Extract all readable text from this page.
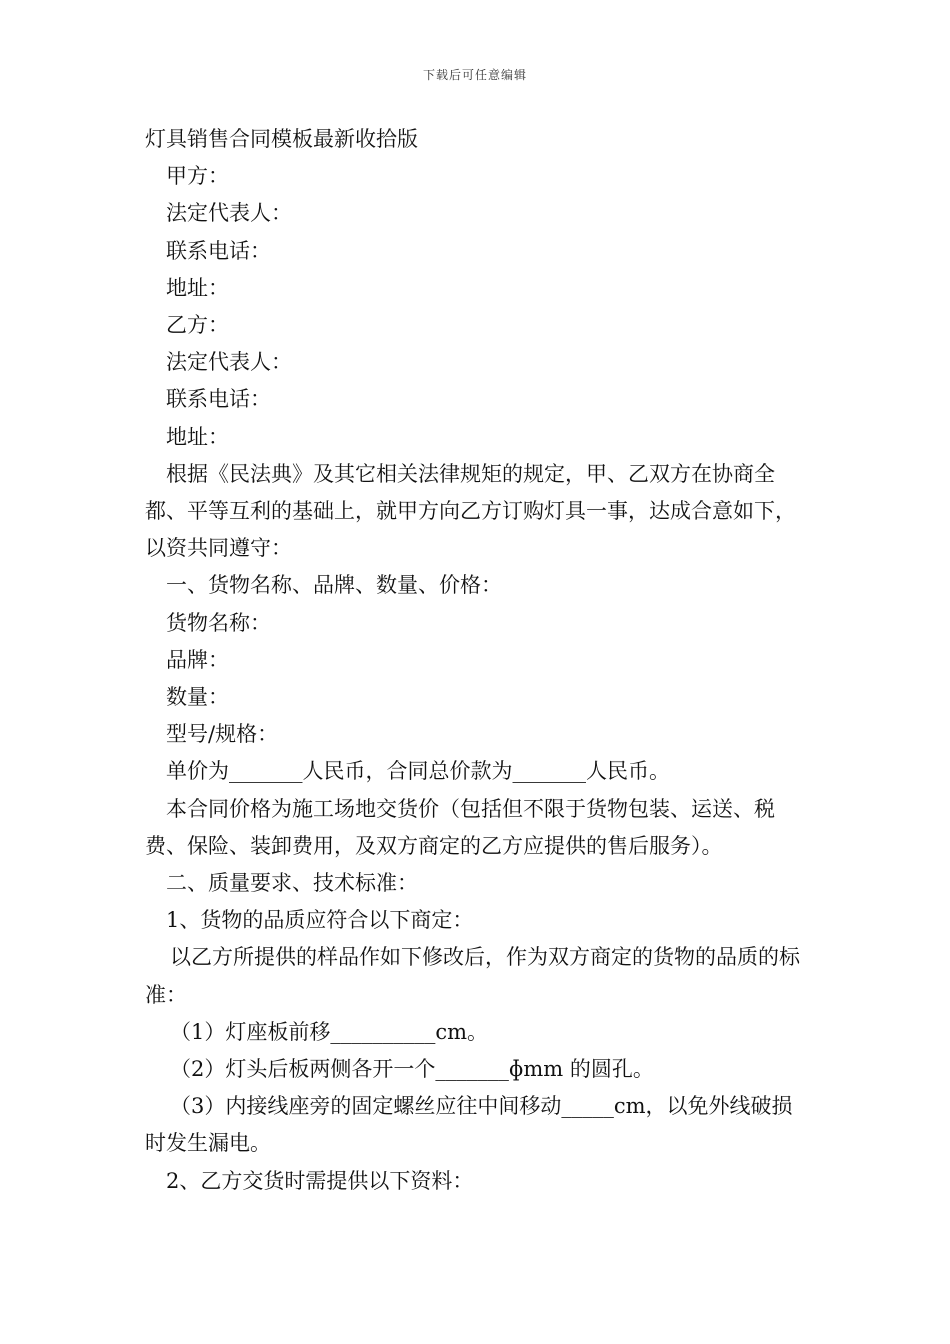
下载后可任意编辑

灯具销售合同模板最新收拾版

甲方：

法定代表人：

联系电话：

地址：

乙方：

法定代表人：

联系电话：

地址：

根据《民法典》及其它相关法律规矩的规定，甲、乙双方在协商全都、平等互利的基础上，就甲方向乙方订购灯具一事，达成合意如下，以资共同遵守：

一、货物名称、品牌、数量、价格：

货物名称：

品牌：

数量：

型号/规格：

单价为_______人民币，合同总价款为_______人民币。

本合同价格为施工场地交货价（包括但不限于货物包装、运送、税费、保险、装卸费用，及双方商定的乙方应提供的售后服务）。

二、质量要求、技术标准：

1、货物的品质应符合以下商定：

以乙方所提供的样品作如下修改后，作为双方商定的货物的品质的标准：

（1）灯座板前移__________cm。

（2）灯头后板两侧各开一个_______ɸmm 的圆孔。

（3）内接线座旁的固定螺丝应往中间移动_____cm，以免外线破损时发生漏电。

2、乙方交货时需提供以下资料：
